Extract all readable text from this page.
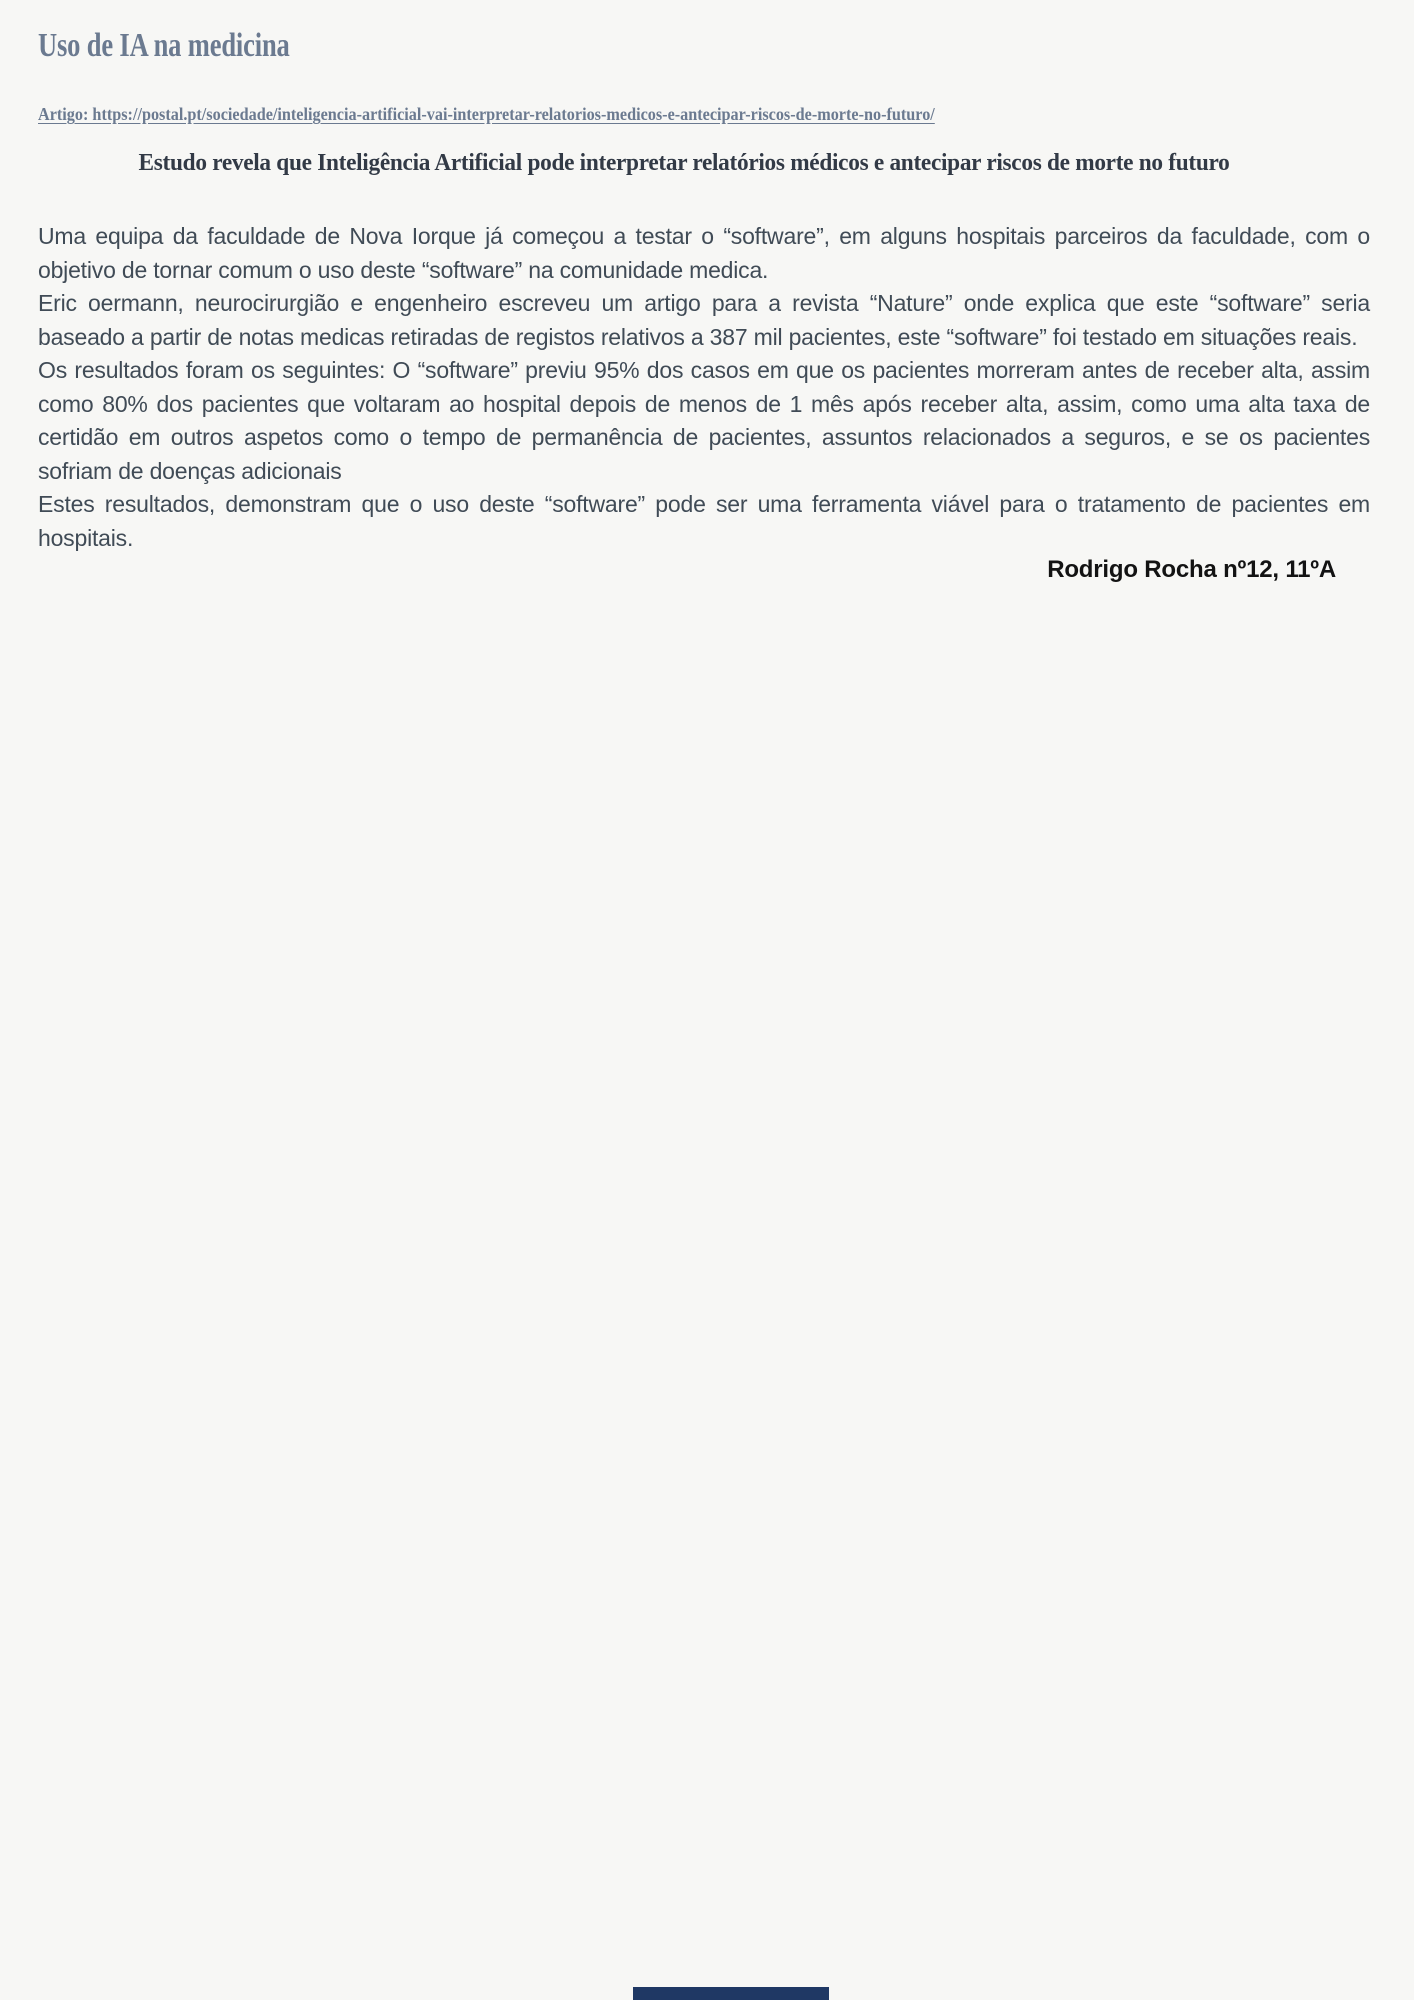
Uso de IA na medicina
Artigo: https://postal.pt/sociedade/inteligencia-artificial-vai-interpretar-relatorios-medicos-e-antecipar-riscos-de-morte-no-futuro/
Estudo revela que Inteligência Artificial pode interpretar relatórios médicos e antecipar riscos de morte no futuro

Uma equipa da faculdade de Nova Iorque já começou a testar o “software”, em alguns hospitais parceiros da faculdade, com o objetivo de tornar comum o uso deste “software” na comunidade medica.

Eric oermann, neurocirurgião e engenheiro escreveu um artigo para a revista “Nature” onde explica que este “software” seria baseado a partir de notas medicas retiradas de registos relativos a 387 mil pacientes, este “software” foi testado em situações reais.

Os resultados foram os seguintes: O “software” previu 95% dos casos em que os pacientes morreram antes de receber alta, assim como 80% dos pacientes que voltaram ao hospital depois de menos de 1 mês após receber alta, assim, como uma alta taxa de certidão em outros aspetos como o tempo de permanência de pacientes, assuntos relacionados a seguros, e se os pacientes sofriam de doenças adicionais

Estes resultados, demonstram que o uso deste “software” pode ser uma ferramenta viável para o tratamento de pacientes em hospitais.

Rodrigo Rocha nº12, 11ºA
